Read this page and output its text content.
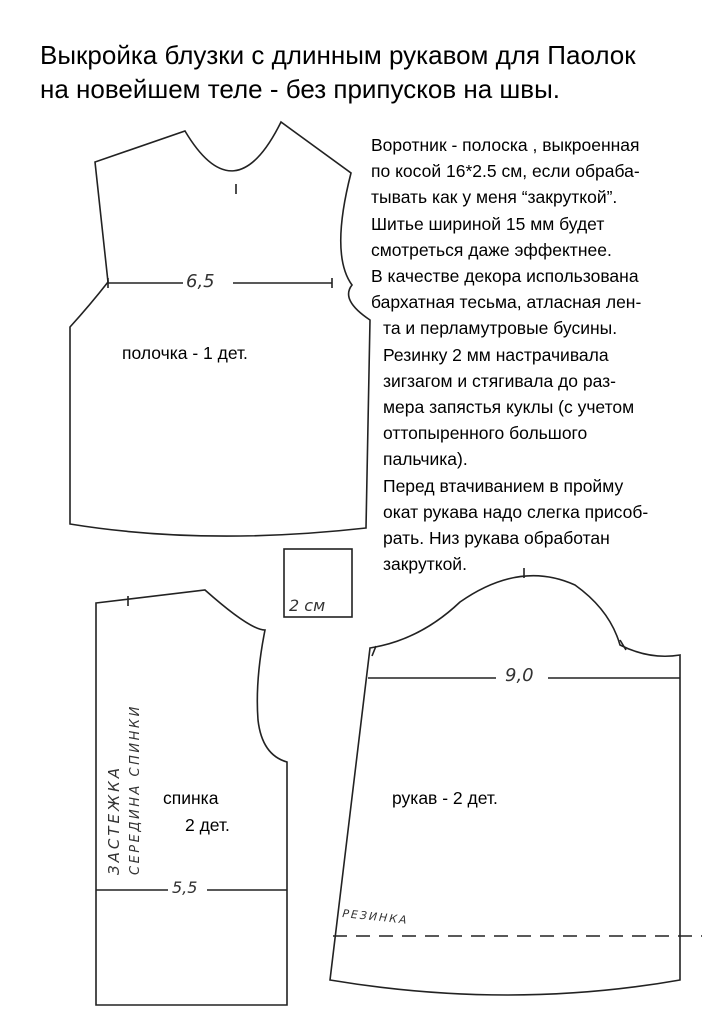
Выкройка блузки с длинным рукавом для Паолок
на новейшем теле - без припусков на швы.
Воротник - полоска , выкроенная
по косой 16*2.5 см, если обраба-
тывать как у меня “закруткой”.
Шитье шириной 15 мм будет
смотреться даже эффектнее.
В качестве декора использована
бархатная тесьма, атласная лен-
та и перламутровые бусины.
Резинку 2 мм настрачивала
зигзагом и стягивала до раз-
мера запястья куклы (с учетом
оттопыренного большого
пальчика).
Перед втачиванием в пройму
окат рукава надо слегка присоб-
рать. Низ рукава обработан
закруткой.
полочка - 1 дет.
6,5
2 см
спинка
2 дет.
5,5
ЗАСТЕЖКА СЕРЕДИНА СПИНКИ	рукав - 2 дет.
9,0
РЕЗИНКА
